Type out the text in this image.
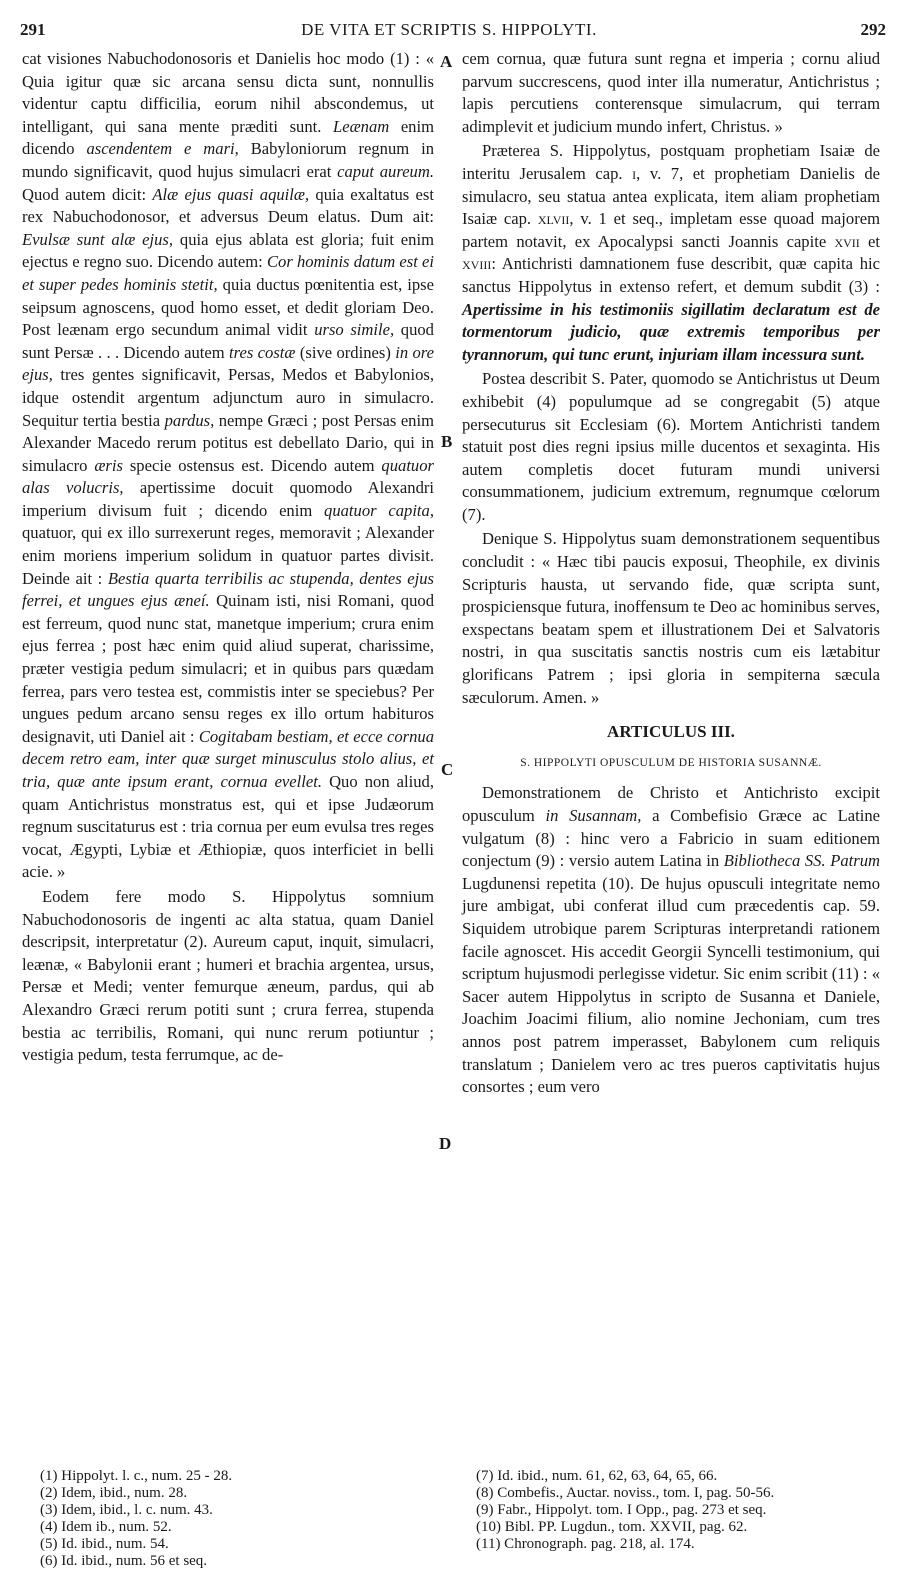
291	DE VITA ET SCRIPTIS S. HIPPOLYTI.	292
A
B
C
D

cat visiones Nabuchodonosoris et Danielis hoc modo (1) : « Quia igitur quæ sic arcana sensu dicta sunt, nonnullis videntur captu difficilia, eorum nihil abscondemus, ut intelligant, qui sana mente præditi sunt. Leænam enim dicendo ascendentem e mari, Babyloniorum regnum in mundo significavit, quod hujus simulacri erat caput aureum. Quod autem dicit: Alæ ejus quasi aquilæ, quia exaltatus est rex Nabuchodonosor, et adversus Deum elatus. Dum ait: Evulsæ sunt alæ ejus, quia ejus ablata est gloria; fuit enim ejectus e regno suo. Dicendo autem: Cor hominis datum est ei et super pedes hominis stetit, quia ductus pœnitentia est, ipse seipsum agnoscens, quod homo esset, et dedit gloriam Deo. Post leænam ergo secundum animal vidit urso simile, quod sunt Persæ . . . Dicendo autem tres costæ (sive ordines) in ore ejus, tres gentes significavit, Persas, Medos et Babylonios, idque ostendit argentum adjunctum auro in simulacro. Sequitur tertia bestia pardus, nempe Græci ; post Persas enim Alexander Macedo rerum potitus est debellato Dario, qui in simulacro æris specie ostensus est. Dicendo autem quatuor alas volucris, apertissime docuit quomodo Alexandri imperium divisum fuit ; dicendo enim quatuor capita, quatuor, qui ex illo surrexerunt reges, memoravit ; Alexander enim moriens imperium solidum in quatuor partes divisit. Deinde ait : Bestia quarta terribilis ac stupenda, dentes ejus ferrei, et ungues ejus æneí. Quinam isti, nisi Romani, quod est ferreum, quod nunc stat, manetque imperium; crura enim ejus ferrea ; post hæc enim quid aliud superat, charissime, præter vestigia pedum simulacri; et in quibus pars quædam ferrea, pars vero testea est, commistis inter se speciebus? Per ungues pedum arcano sensu reges ex illo ortum habituros designavit, uti Daniel ait : Cogitabam bestiam, et ecce cornua decem retro eam, inter quæ surget minusculus stolo alius, et tria, quæ ante ipsum erant, cornua evellet. Quo non aliud, quam Antichristus monstratus est, qui et ipse Judæorum regnum suscitaturus est : tria cornua per eum evulsa tres reges vocat, Ægypti, Lybiæ et Æthiopiæ, quos interficiet in belli acie. »

Eodem fere modo S. Hippolytus somnium Nabuchodonosoris de ingenti ac alta statua, quam Daniel descripsit, interpretatur (2). Aureum caput, inquit, simulacri, leænæ, « Babylonii erant ; humeri et brachia argentea, ursus, Persæ et Medi; venter femurque æneum, pardus, qui ab Alexandro Græci rerum potiti sunt ; crura ferrea, stupenda bestia ac terribilis, Romani, qui nunc rerum potiuntur ; vestigia pedum, testa ferrumque, ac de-

cem cornua, quæ futura sunt regna et imperia ; cornu aliud parvum succrescens, quod inter illa numeratur, Antichristus ; lapis percutiens conterensque simulacrum, qui terram adimplevit et judicium mundo infert, Christus. »

Præterea S. Hippolytus, postquam prophetiam Isaiæ de interitu Jerusalem cap. i, v. 7, et prophetiam Danielis de simulacro, seu statua antea explicata, item aliam prophetiam Isaiæ cap. xlvii, v. 1 et seq., impletam esse quoad majorem partem notavit, ex Apocalypsi sancti Joannis capite xvii et xviii: Antichristi damnationem fuse describit, quæ capita hic sanctus Hippolytus in extenso refert, et demum subdit (3) : Apertissime in his testimoniis sigillatim declaratum est de tormentorum judicio, quæ extremis temporibus per tyrannorum, qui tunc erunt, injuriam illam incessura sunt.

Postea describit S. Pater, quomodo se Antichristus ut Deum exhibebit (4) populumque ad se congregabit (5) atque persecuturus sit Ecclesiam (6). Mortem Antichristi tandem statuit post dies regni ipsius mille ducentos et sexaginta. His autem completis docet futuram mundi universi consummationem, judicium extremum, regnumque cœlorum (7).

Denique S. Hippolytus suam demonstrationem sequentibus concludit : « Hæc tibi paucis exposui, Theophile, ex divinis Scripturis hausta, ut servando fide, quæ scripta sunt, prospiciensque futura, inoffensum te Deo ac hominibus serves, exspectans beatam spem et illustrationem Dei et Salvatoris nostri, in qua suscitatis sanctis nostris cum eis lætabitur glorificans Patrem ; ipsi gloria in sempiterna sæcula sæculorum. Amen. »

ARTICULUS III.
S. HIPPOLYTI OPUSCULUM DE HISTORIA SUSANNÆ.

Demonstrationem de Christo et Antichristo excipit opusculum in Susannam, a Combefisio Græce ac Latine vulgatum (8) : hinc vero a Fabricio in suam editionem conjectum (9) : versio autem Latina in Bibliotheca SS. Patrum Lugdunensi repetita (10). De hujus opusculi integritate nemo jure ambigat, ubi conferat illud cum præcedentis cap. 59. Siquidem utrobique parem Scripturas interpretandi rationem facile agnoscet. His accedit Georgii Syncelli testimonium, qui scriptum hujusmodi perlegisse videtur. Sic enim scribit (11) : « Sacer autem Hippolytus in scripto de Susanna et Daniele, Joachim Joacimi filium, alio nomine Jechoniam, cum tres annos post patrem imperasset, Babylonem cum reliquis translatum ; Danielem vero ac tres pueros captivitatis hujus consortes ; eum vero

(1) Hippolyt. l. c., num. 25 - 28.
(2) Idem, ibid., num. 28.
(3) Idem, ibid., l. c. num. 43.
(4) Idem ib., num. 52.
(5) Id. ibid., num. 54.
(6) Id. ibid., num. 56 et seq.
(7) Id. ibid., num. 61, 62, 63, 64, 65, 66.
(8) Combefis., Auctar. noviss., tom. I, pag. 50-56.
(9) Fabr., Hippolyt. tom. I Opp., pag. 273 et seq.
(10) Bibl. PP. Lugdun., tom. XXVII, pag. 62.
(11) Chronograph. pag. 218, al. 174.
